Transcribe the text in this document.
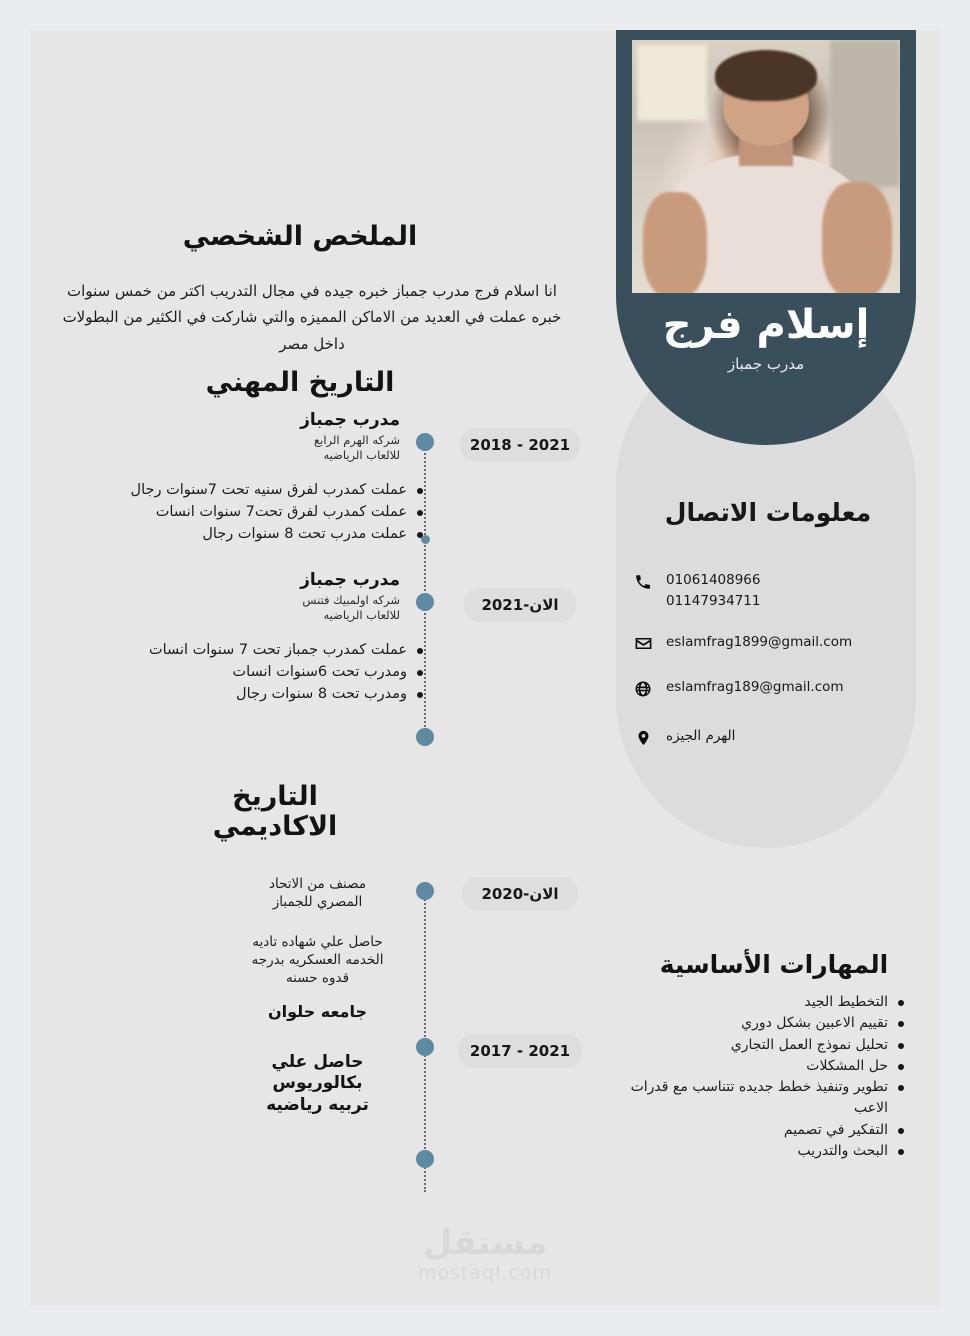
الملخص الشخصي
انا اسلام فرج مدرب جمباز خبره جيده في مجال التدريب اكتر من خمس سنوات خبره عملت في العديد من الاماكن المميزه والتي شاركت في الكثير من البطولات داخل مصر
التاريخ المهني
2018 - 2021
مدرب جمباز
شركه الهرم الرابع للالعاب الرياضيه
عملت كمدرب لفرق سنيه تحت 7سنوات رجال
عملت كمدرب لفرق تحت7 سنوات انسات
عملت مدرب تحت 8 سنوات رجال
2021-الان
مدرب جمباز
شركه اولمبيك فتنس للالعاب الرياضيه
عملت كمدرب جمباز تحت 7 سنوات انسات
ومدرب تحت 6سنوات انسات
ومدرب تحت 8 سنوات رجال
التاريخ
الاكاديمي
2020-الان
مصنف من الاتحاد المصري للجمباز
حاصل علي شهاده تاديه الخدمه العسكريه بدرجه قدوه حسنه
جامعه حلوان
2017 - 2021
حاصل علي بكالوريوس تربيه رياضيه
إسلام فرج
مدرب جمباز
معلومات الاتصال
01061408966
01147934711
eslamfrag1899@gmail.com
eslamfrag189@gmail.com
الهرم الجيزه
المهارات الأساسية
التخطيط الجيد
تقييم الاعبين بشكل دوري
تحليل نموذج العمل التجاري
حل المشكلات
تطوير وتنفيذ خطط جديده تتناسب مع قدرات الاعب
التفكير في تصميم
البحث والتدريب
مستقل
mostaql.com
